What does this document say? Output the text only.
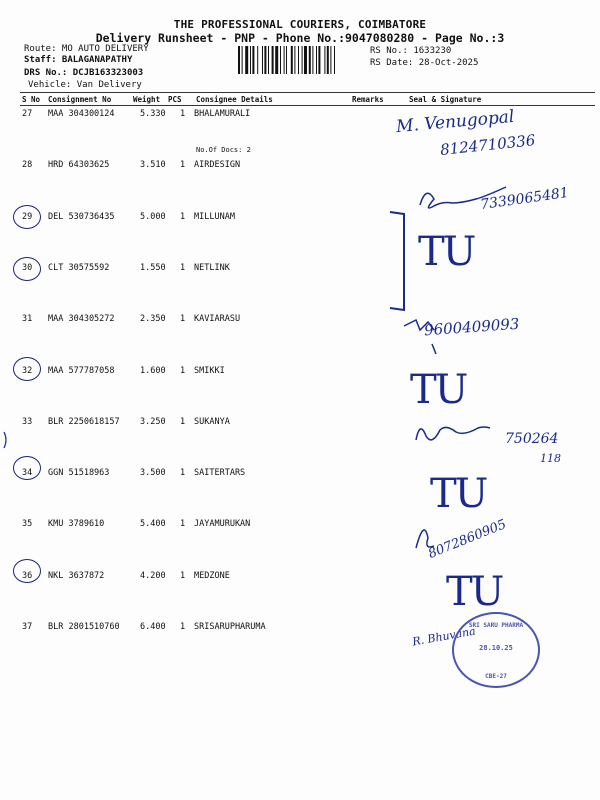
THE PROFESSIONAL COURIERS, COIMBATORE
Delivery Runsheet - PNP - Phone No.:9047080280 - Page No.:3
Route: MO AUTO DELIVERY
Staff: BALAGANAPATHY
DRS No.: DCJB163323003
Vehicle: Van Delivery
RS No.: 1633230
RS Date: 28-Oct-2025
S No Consignment No	Weight PCS Consignee Details	Remarks	Seal & Signature
27 MAA 304300124	5.330 1 BHALAMURALI
28 HRD 64303625	3.510 1 AIRDESIGN
29 DEL 530736435	5.000 1 MILLUNAM
30 CLT 30575592	1.550 1 NETLINK
31 MAA 304305272	2.350 1 KAVIARASU
32 MAA 577787058	1.600 1 SMIKKI
33 BLR 2250618157 3.250 1 SUKANYA
34 GGN 51518963	3.500 1 SAITERTARS
35 KMU 3789610	5.400 1 JAYAMURUKAN
36 NKL 3637872	4.200 1 MEDZONE
37 BLR 2801510760 6.400 1 SRISARUPHARUMA
No.Of Docs: 2
M. Venugopal
8124710336
7339065481
9600409093
750264
118
8072860905
R. Bhuvana
TU
TU
TU
TU
SRI SARU PHARMA
28.10.25
CBE-27
